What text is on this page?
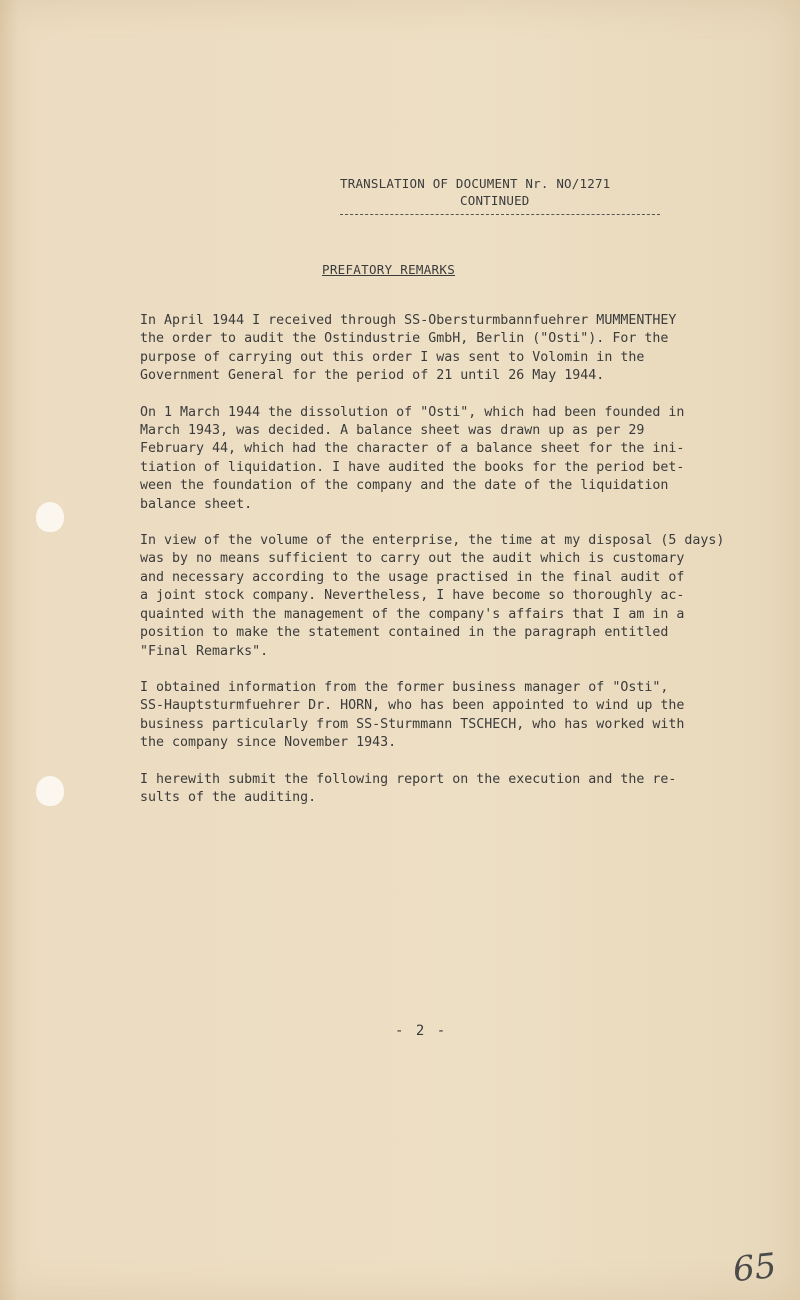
TRANSLATION OF DOCUMENT Nr. NO/1271
CONTINUED
PREFATORY REMARKS

In April 1944 I received through SS-Obersturmbannfuehrer MUMMENTHEY
the order to audit the Ostindustrie GmbH, Berlin ("Osti"). For the
purpose of carrying out this order I was sent to Volomin in the
Government General for the period of 21 until 26 May 1944.

On 1 March 1944 the dissolution of "Osti", which had been founded in
March 1943, was decided. A balance sheet was drawn up as per 29
February 44, which had the character of a balance sheet for the ini-
tiation of liquidation. I have audited the books for the period bet-
ween the foundation of the company and the date of the liquidation
balance sheet.

In view of the volume of the enterprise, the time at my disposal (5 days)
was by no means sufficient to carry out the audit which is customary
and necessary according to the usage practised in the final audit of
a joint stock company. Nevertheless, I have become so thoroughly ac-
quainted with the management of the company's affairs that I am in a
position to make the statement contained in the paragraph entitled
"Final Remarks".

I obtained information from the former business manager of "Osti",
SS-Hauptsturmfuehrer Dr. HORN, who has been appointed to wind up the
business particularly from SS-Sturmmann TSCHECH, who has worked with
the company since November 1943.

I herewith submit the following report on the execution and the re-
sults of the auditing.

- 2 -
65
